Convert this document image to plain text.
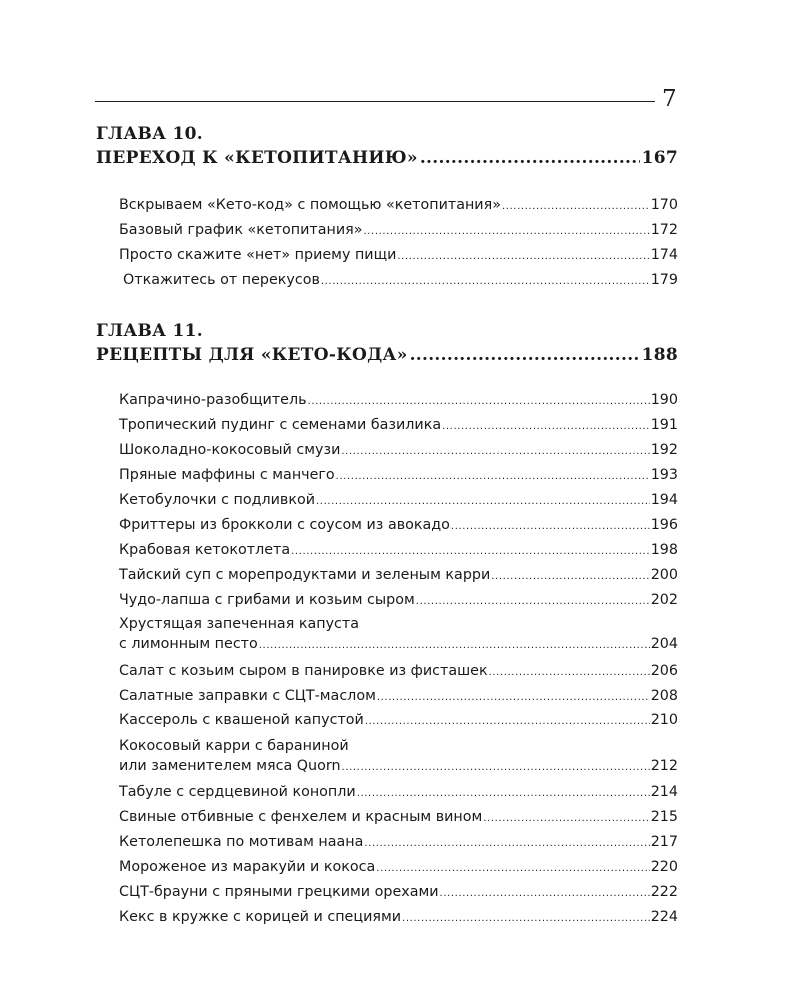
7
ГЛАВА 10.
ПЕРЕХОД К «КЕТОПИТАНИЮ» .....	167
Вскрываем «Кето-код» с помощью «кетопитания» .....	170
Базовый график «кетопитания» .....	172
Просто скажите «нет» приему пищи .....	174
Откажитесь от перекусов .....	179
ГЛАВА 11.
РЕЦЕПТЫ ДЛЯ «КЕТО-КОДА» .....	188
Капрачино-разобщитель .....	190
Тропический пудинг с семенами базилика .....	191
Шоколадно-кокосовый смузи .....	192
Пряные маффины с манчего .....	193
Кетобулочки с подливкой .....	194
Фриттеры из брокколи с соусом из авокадо .....	196
Крабовая кетокотлета .....	198
Тайский суп с морепродуктами и зеленым карри .....	200
Чудо-лапша с грибами и козьим сыром .....	202
Хрустящая запеченная капуста
с лимонным песто .....	204
Салат с козьим сыром в панировке из фисташек .....	206
Салатные заправки с СЦТ-маслом .....	208
Кассероль с квашеной капустой .....	210
Кокосовый карри с бараниной
или заменителем мяса Quorn .....	212
Табуле с сердцевиной конопли .....	214
Свиные отбивные с фенхелем и красным вином .....	215
Кетолепешка по мотивам наана .....	217
Мороженое из маракуйи и кокоса .....	220
СЦТ-брауни с пряными грецкими орехами .....	222
Кекс в кружке с корицей и специями .....	224
